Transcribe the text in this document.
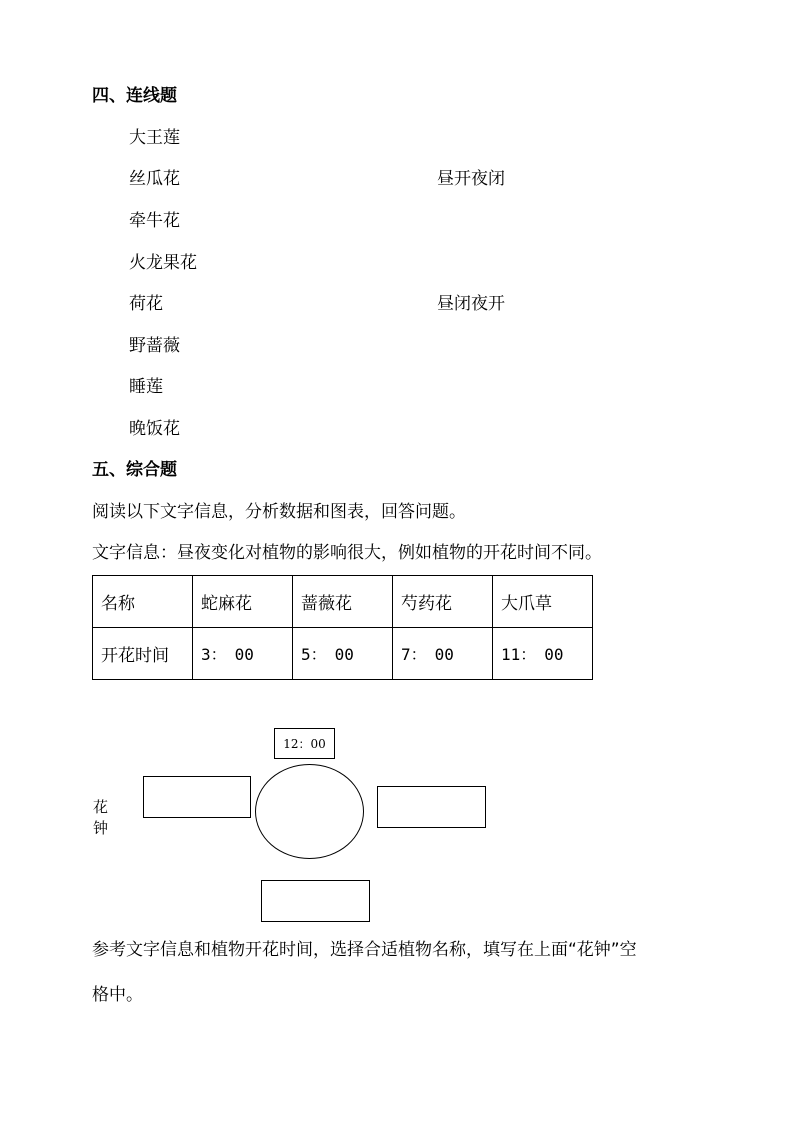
四、连线题
大王莲
丝瓜花
牵牛花
火龙果花
荷花
野蔷薇
睡莲
晚饭花
昼开夜闭
昼闭夜开
五、综合题
阅读以下文字信息，分析数据和图表，回答问题。
文字信息：昼夜变化对植物的影响很大，例如植物的开花时间不同。
名称	蛇麻花	蔷薇花	芍药花	大爪草
开花时间	3：　00	5：　00	7：　00	11：　00
花钟
12：00
参考文字信息和植物开花时间，选择合适植物名称，填写在上面“花钟”空
格中。
